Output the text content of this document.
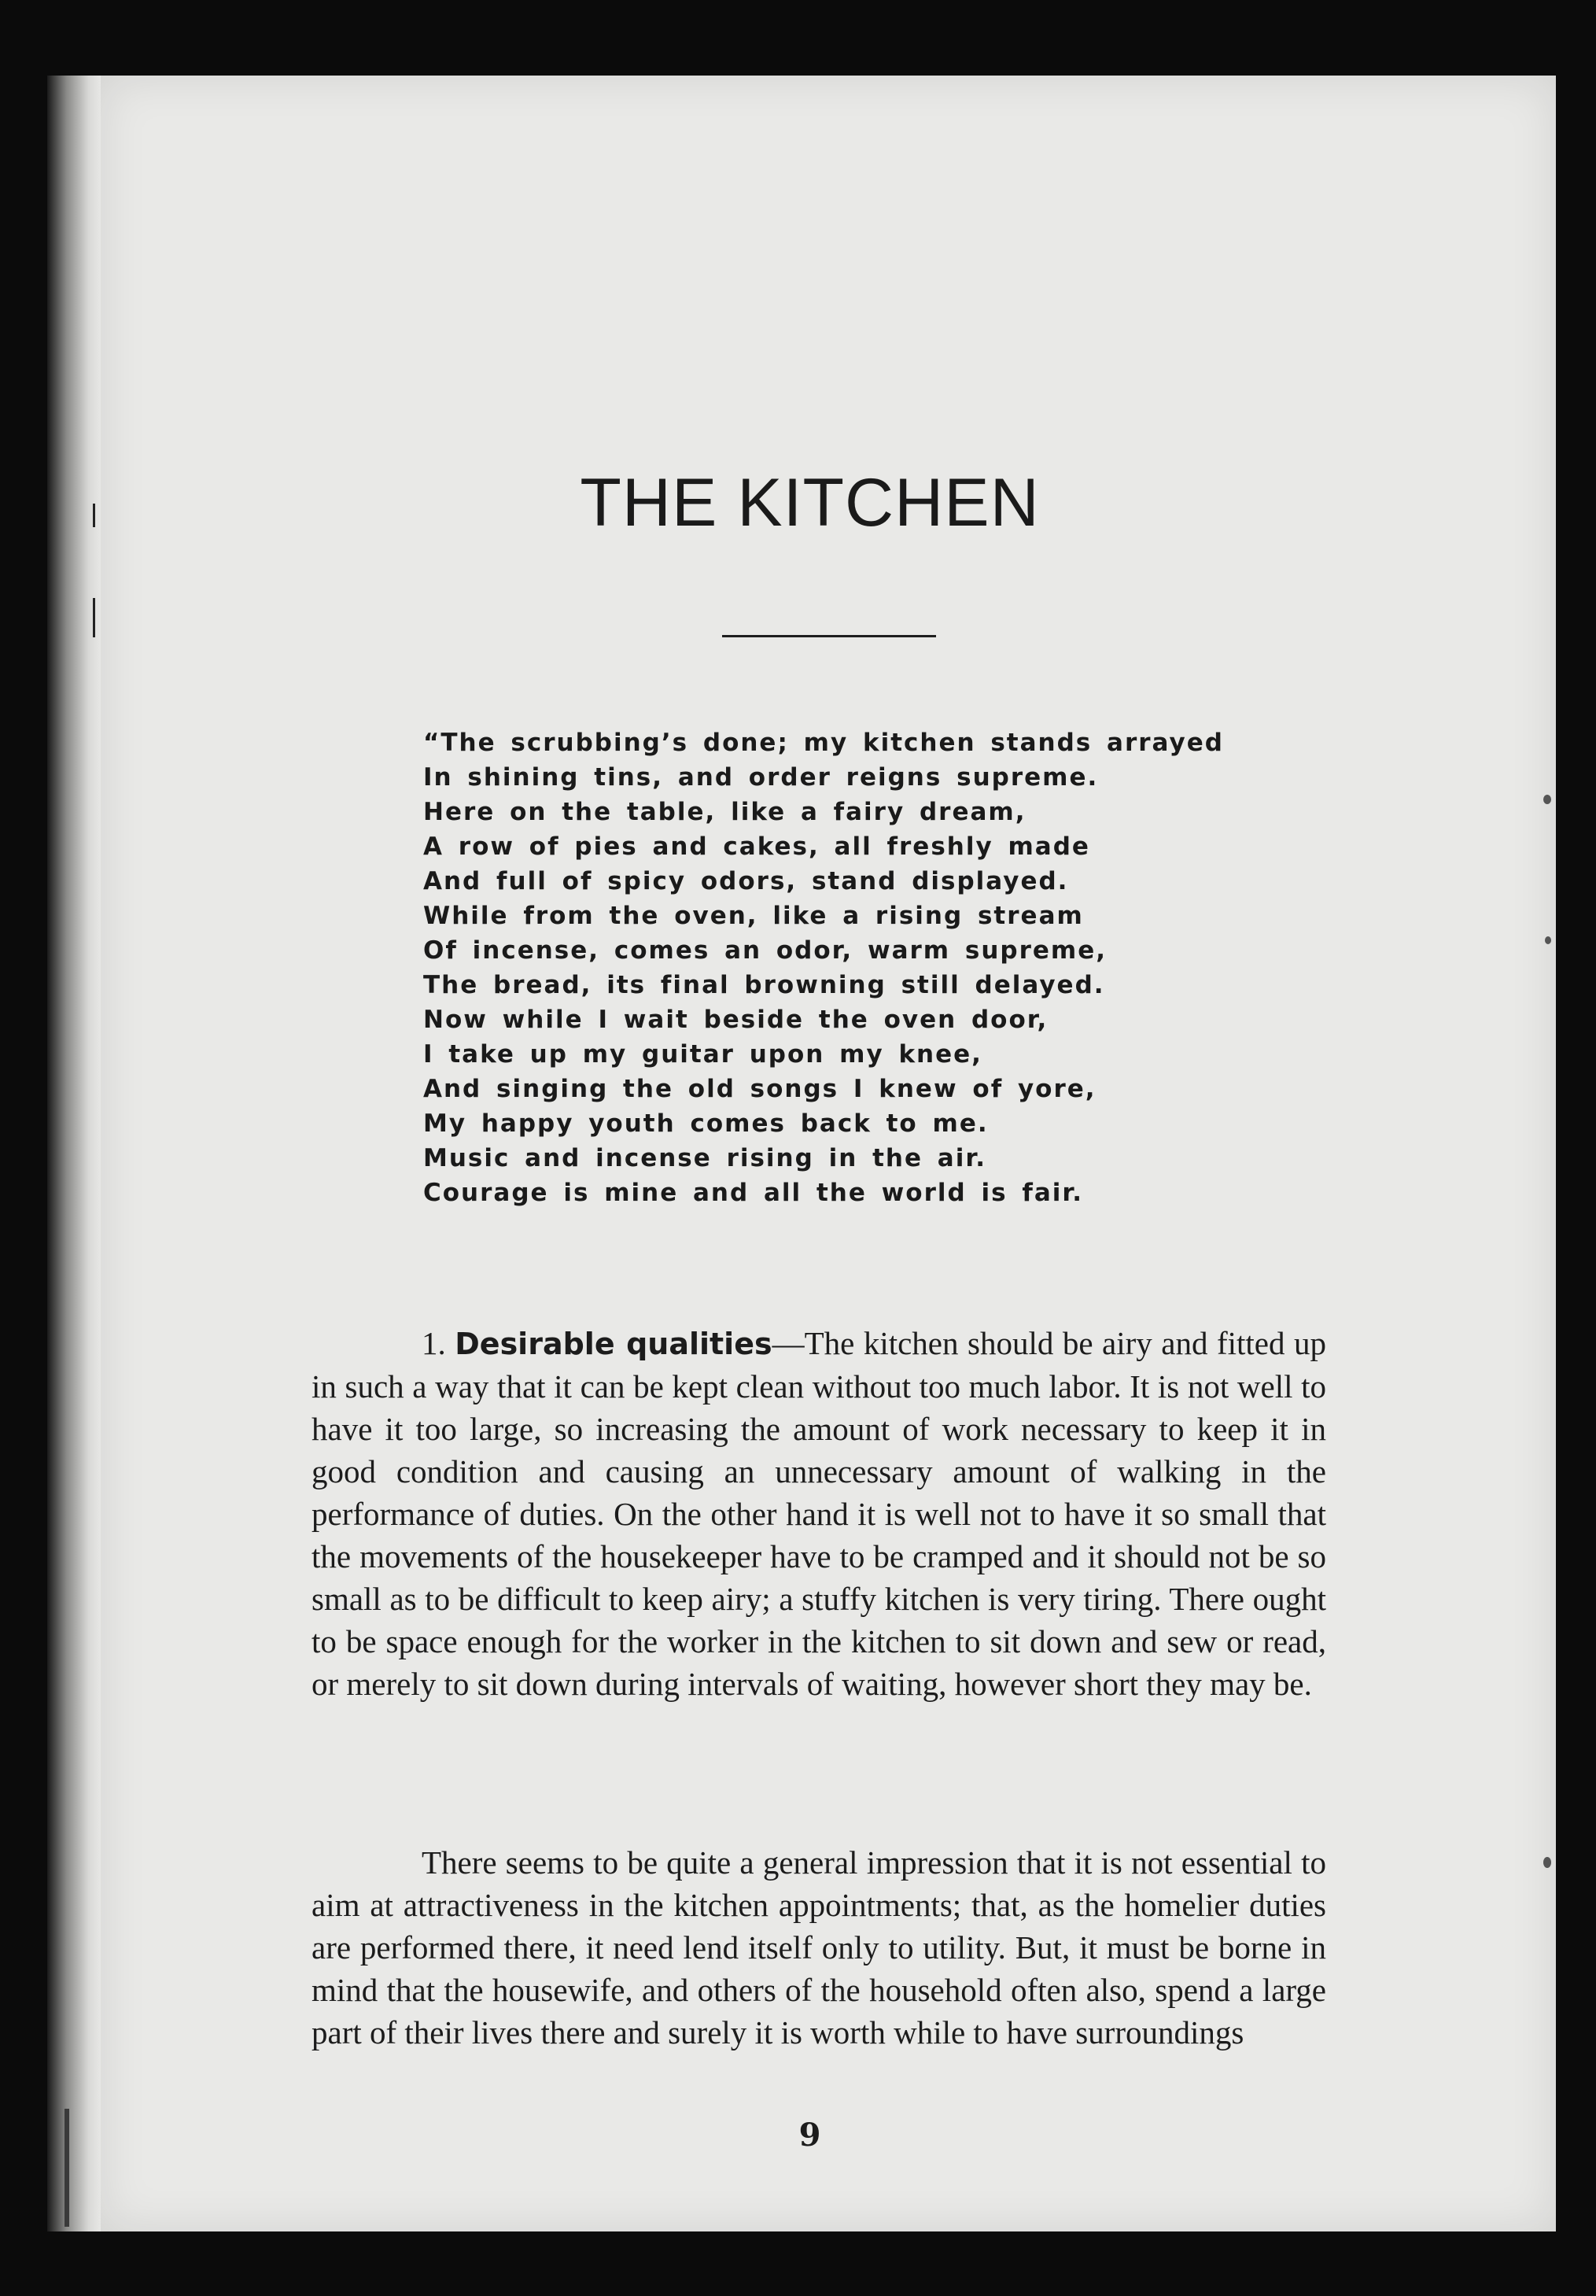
THE KITCHEN
“The scrubbing’s done; my kitchen stands arrayed
In shining tins, and order reigns supreme.
Here on the table, like a fairy dream,
A row of pies and cakes, all freshly made
And full of spicy odors, stand displayed.
While from the oven, like a rising stream
Of incense, comes an odor, warm supreme,
The bread, its final browning still delayed.
Now while I wait beside the oven door,
I take up my guitar upon my knee,
And singing the old songs I knew of yore,
My happy youth comes back to me.
Music and incense rising in the air.
Courage is mine and all the world is fair.

1. Desirable qualities—The kitchen should be airy and fitted up in such a way that it can be kept clean without too much labor. It is not well to have it too large, so increasing the amount of work necessary to keep it in good condition and causing an unnecessary amount of walking in the performance of duties. On the other hand it is well not to have it so small that the movements of the housekeeper have to be cramped and it should not be so small as to be difficult to keep airy; a stuffy kitchen is very tiring. There ought to be space enough for the worker in the kitchen to sit down and sew or read, or merely to sit down during intervals of waiting, however short they may be.

There seems to be quite a general impression that it is not essential to aim at attractiveness in the kitchen appointments; that, as the homelier duties are performed there, it need lend itself only to utility. But, it must be borne in mind that the housewife, and others of the household often also, spend a large part of their lives there and surely it is worth while to have surroundings

9
